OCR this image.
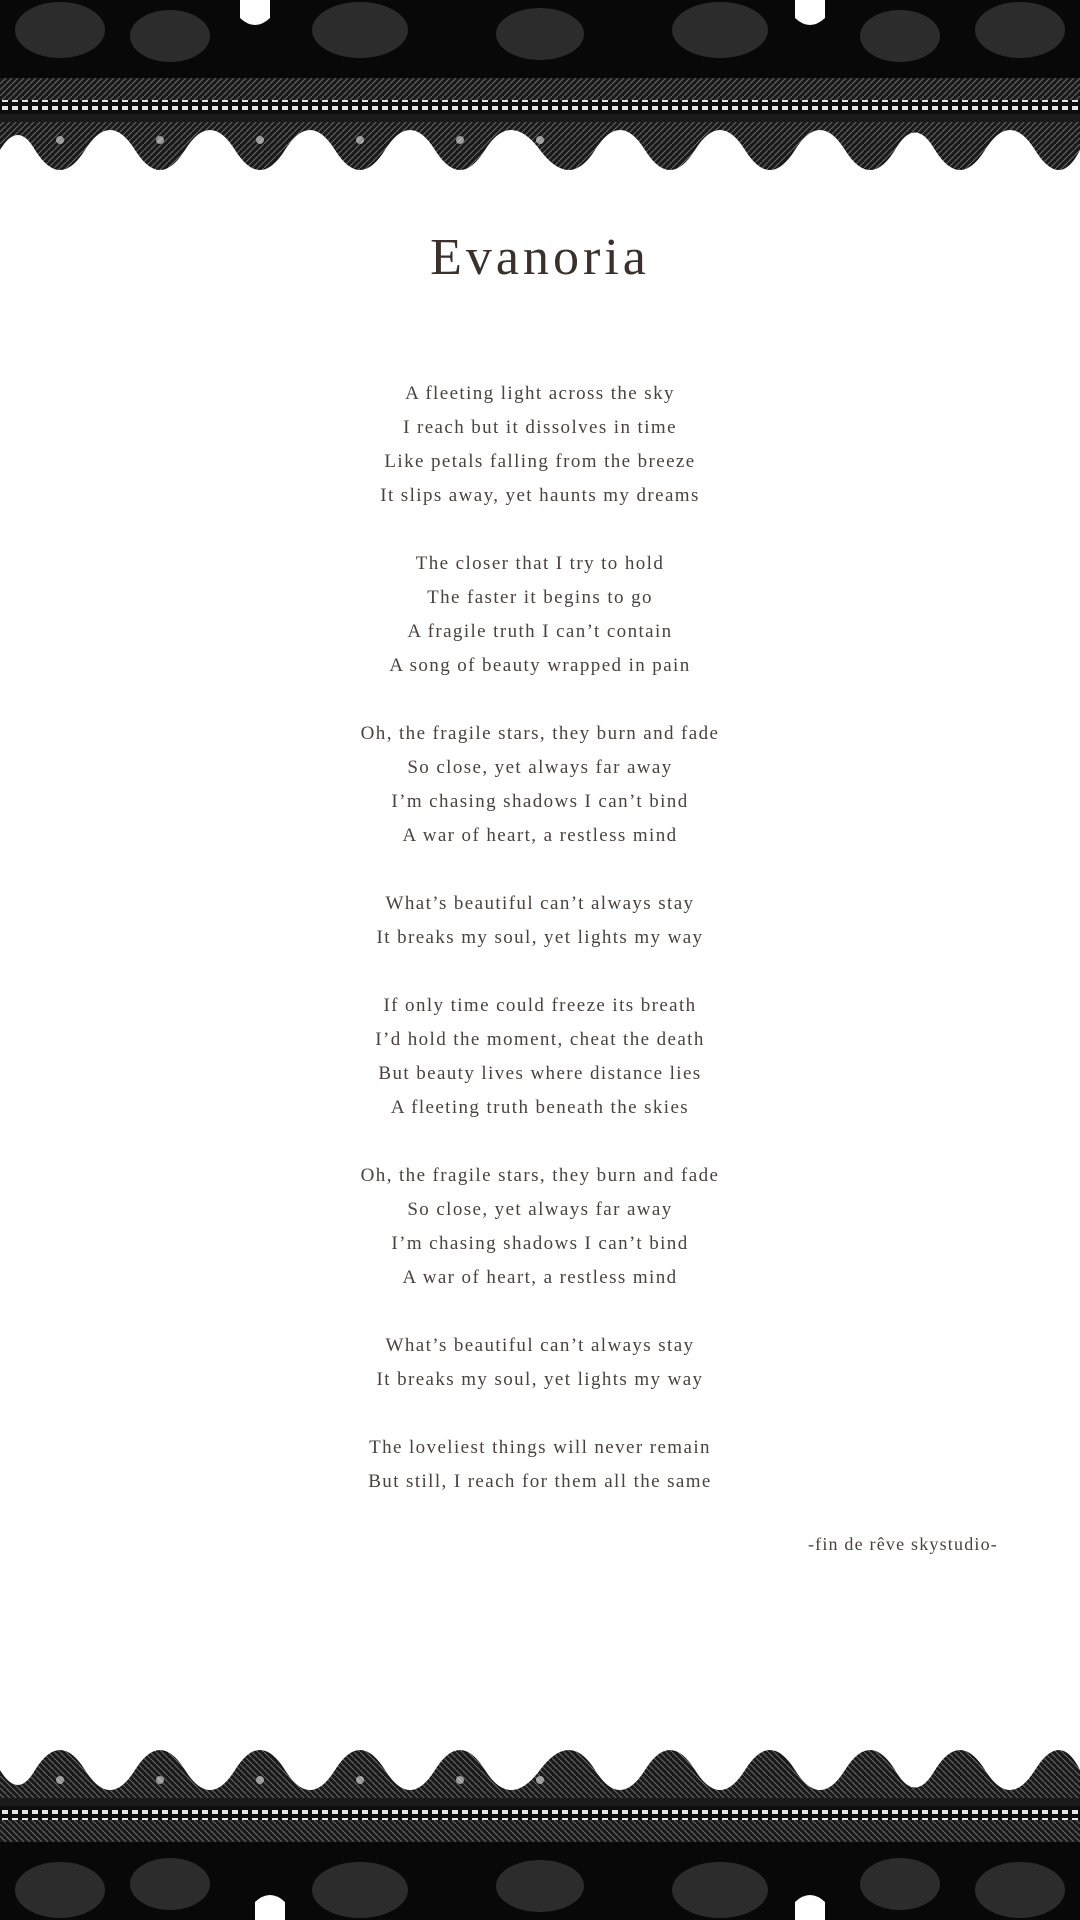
Evanoria
A fleeting light across the sky
I reach but it dissolves in time
Like petals falling from the breeze
It slips away, yet haunts my dreams
The closer that I try to hold
The faster it begins to go
A fragile truth I can’t contain
A song of beauty wrapped in pain
Oh, the fragile stars, they burn and fade
So close, yet always far away
I’m chasing shadows I can’t bind
A war of heart, a restless mind
What’s beautiful can’t always stay
It breaks my soul, yet lights my way
If only time could freeze its breath
I’d hold the moment, cheat the death
But beauty lives where distance lies
A fleeting truth beneath the skies
Oh, the fragile stars, they burn and fade
So close, yet always far away
I’m chasing shadows I can’t bind
A war of heart, a restless mind
What’s beautiful can’t always stay
It breaks my soul, yet lights my way
The loveliest things will never remain
But still, I reach for them all the same
-fin de rêve skystudio-
